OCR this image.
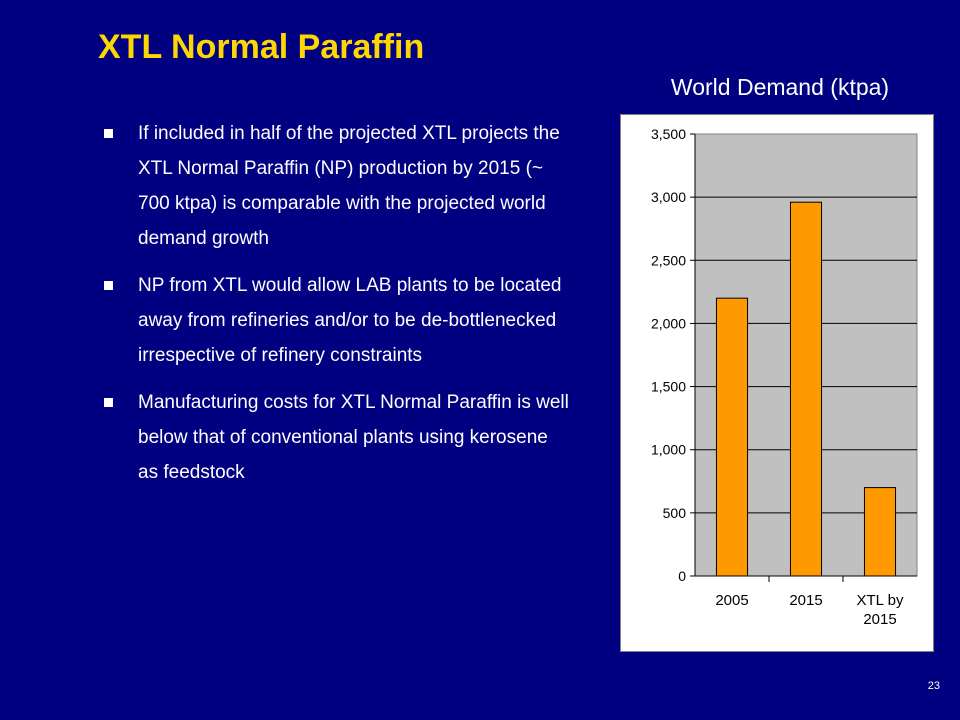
XTL Normal Paraffin
World Demand (ktpa)
If included in half of the projected XTL projects the XTL Normal Paraffin (NP) production by 2015 (~ 700 ktpa) is comparable with the projected world demand growth
NP from XTL would allow LAB plants to be located away from refineries and/or to be de-bottlenecked irrespective of refinery constraints
Manufacturing costs for XTL Normal Paraffin is well below that of conventional plants using kerosene as feedstock
0
500
1,000
1,500
2,000
2,500
3,000
3,500
2005	2015 XTL by
2015
23
